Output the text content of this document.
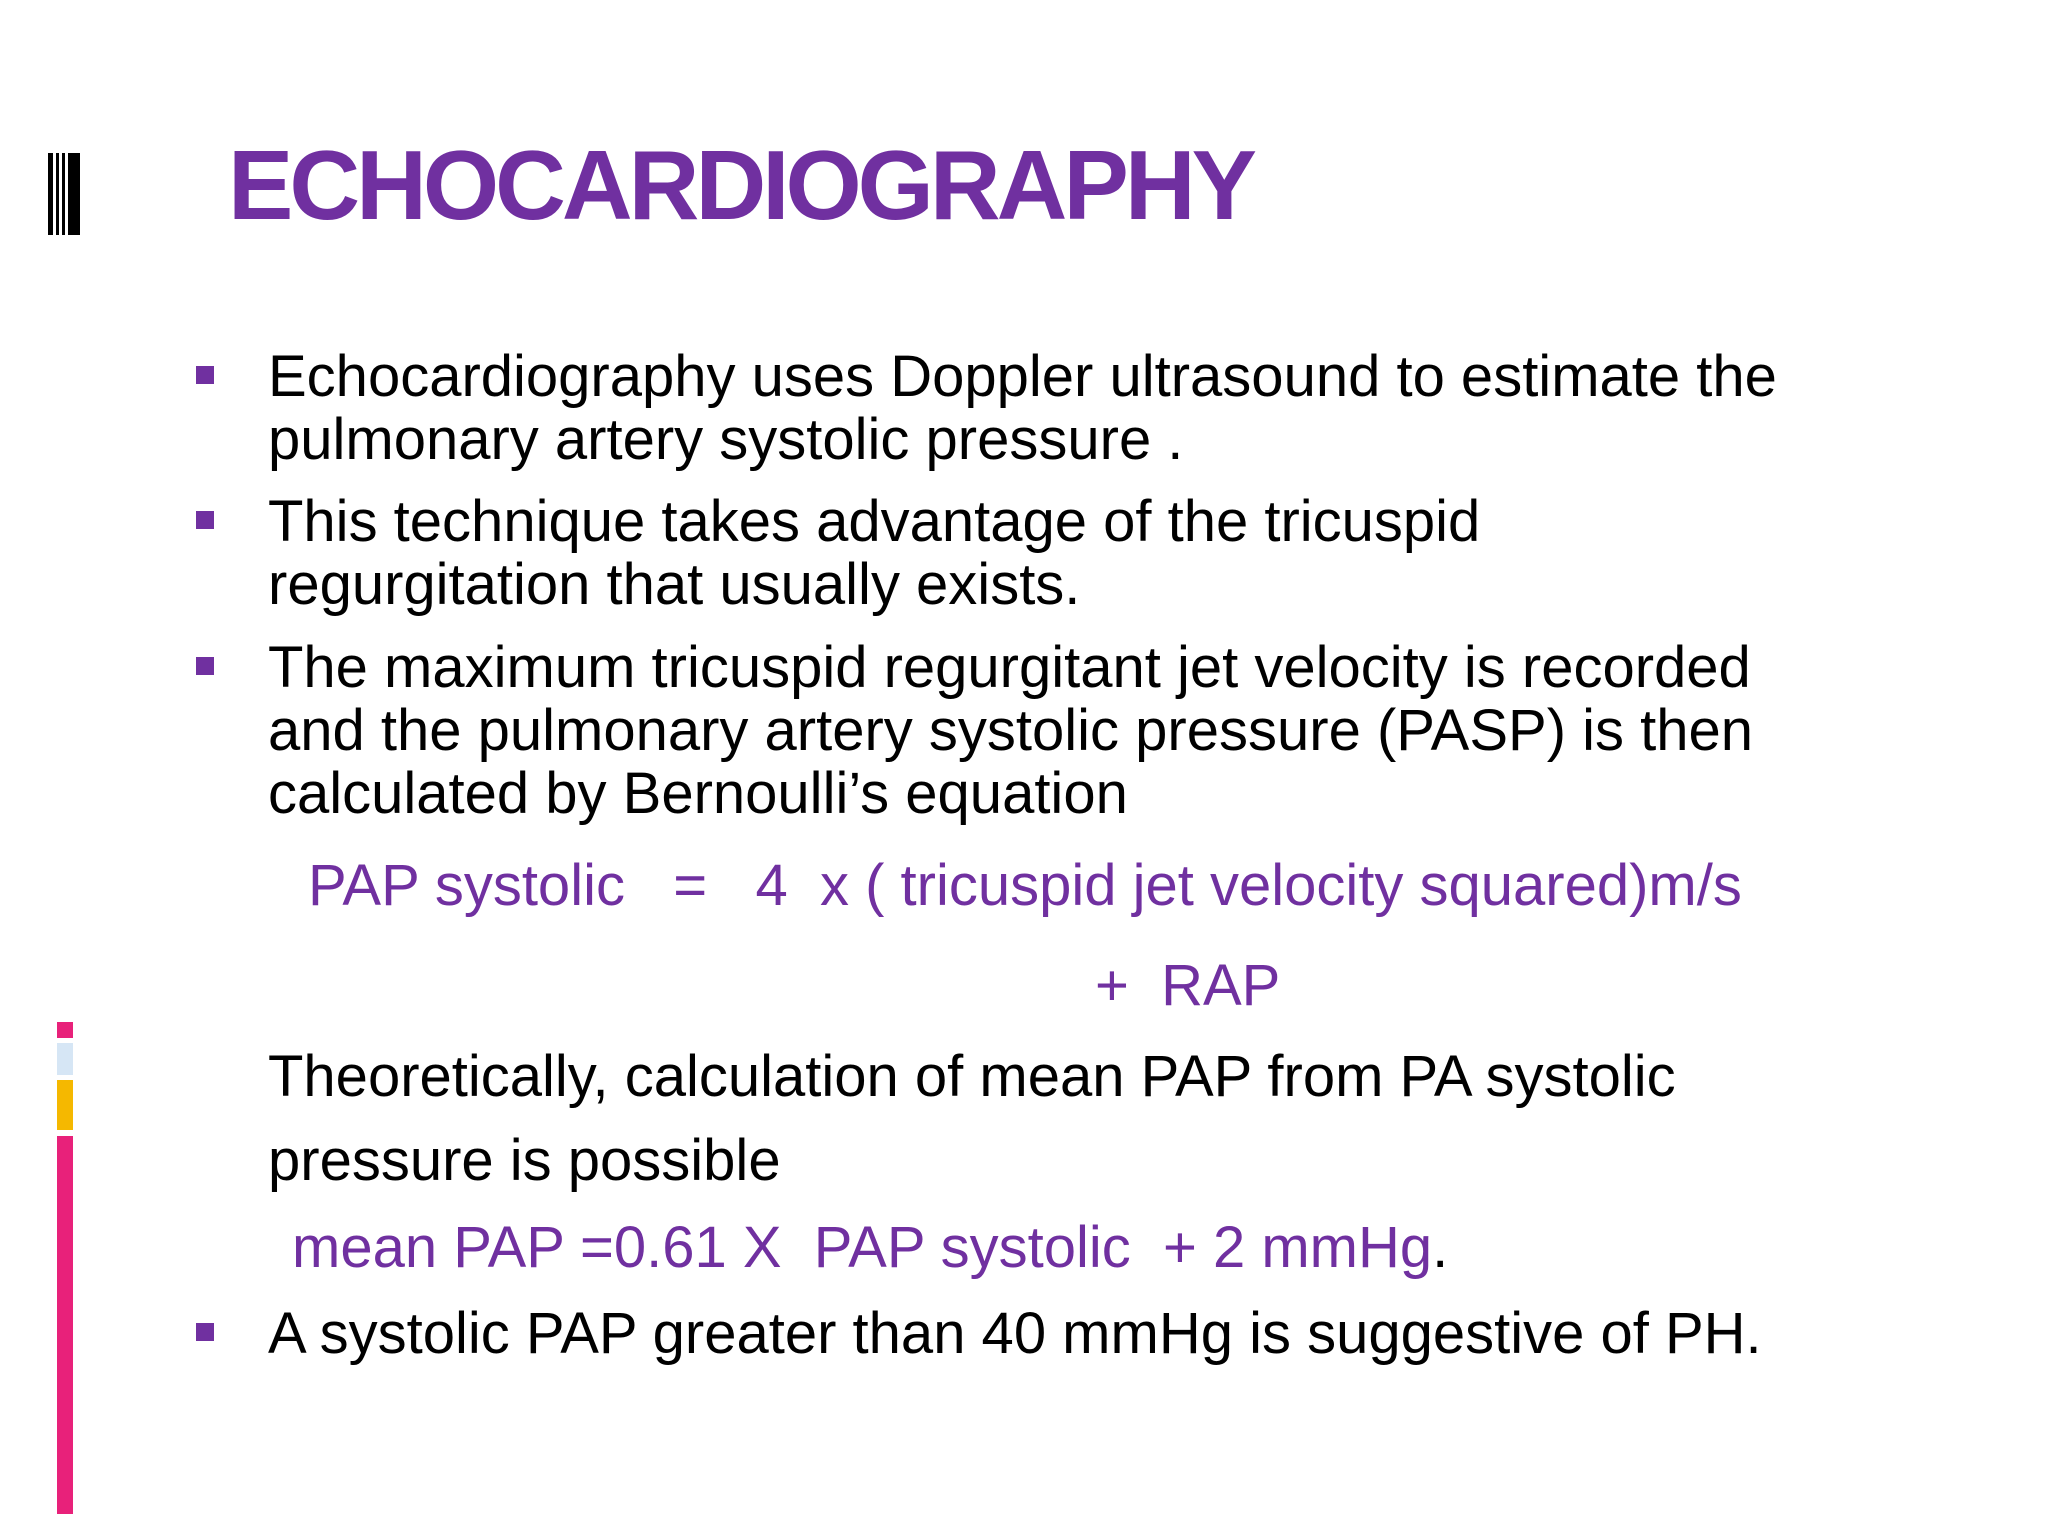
ECHOCARDIOGRAPHY
Echocardiography uses Doppler ultrasound to estimate the
pulmonary artery systolic pressure .
This technique takes advantage of the tricuspid
regurgitation that usually exists.
The maximum tricuspid regurgitant jet velocity is recorded
and the pulmonary artery systolic pressure (PASP) is then
calculated by Bernoulli’s equation
PAP systolic   =   4  x ( tricuspid jet velocity squared)m/s
+  RAP
Theoretically, calculation of mean PAP from PA systolic
pressure is possible
mean PAP =0.61 X  PAP systolic  + 2 mmHg.
A systolic PAP greater than 40 mmHg is suggestive of PH.
